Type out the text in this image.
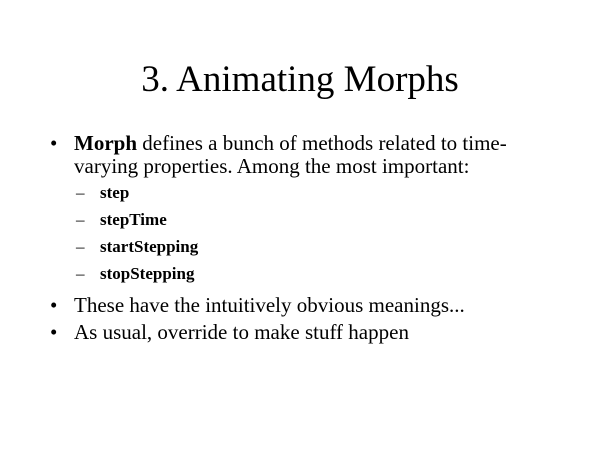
3. Animating Morphs
• Morph defines a bunch of methods related to time-varying properties. Among the most important:
– step
– stepTime
– startStepping
– stopStepping
• These have the intuitively obvious meanings...
• As usual, override to make stuff happen
